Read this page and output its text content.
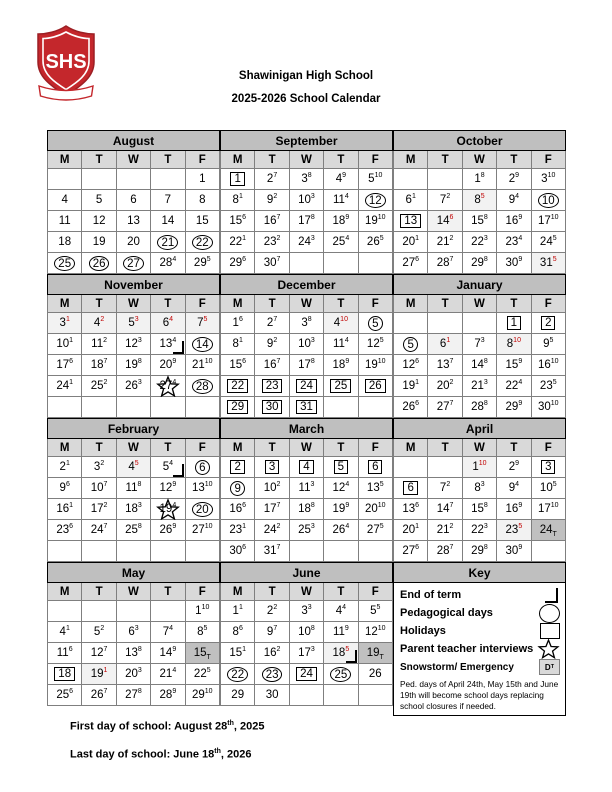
SHS
Shawinigan High School
2025-2026 School Calendar
August				
M	T	W	T	F
				1
4	5	6	7	8
11	12	13	14	15
18	19	20	21	22
25	26	27	$28^4$	$29^5$
September				
M	T	W	T	F
1	$2^7$	$3^8$	$4^9$	$5^{10}$
$8^1$	$9^2$	$10^3$	$11^4$	12
$15^6$	$16^7$	$17^8$	$18^9$	$19^{10}$
$22^1$	$23^2$	$24^3$	$25^4$	$26^5$
$29^6$	$30^7$			
October				
M	T	W	T	F
		$1^8$	$2^9$	$3^{10}$
$6^1$	$7^2$	$8^5$	$9^4$	10
13	$14^6$	$15^8$	$16^9$	$17^{10}$
$20^1$	$21^2$	$22^3$	$23^4$	$24^5$
$27^6$	$28^7$	$29^8$	$30^9$	$31^5$
November				
M	T	W	T	F
$3^1$	$4^2$	$5^3$	$6^4$	$7^5$
$10^1$	$11^2$	$12^3$	$13^4$	14
$17^6$	$18^7$	$19^8$	$20^9$	$21^{10}$
$24^1$	$25^2$	$26^3$	$27^4$	28

December				
M	T	W	T	F
$1^6$	$2^7$	$3^8$	$4^{10}$	5
$8^1$	$9^2$	$10^3$	$11^4$	$12^5$
$15^6$	$16^7$	$17^8$	$18^9$	$19^{10}$
22	23	24	25	26
29	30	31		
January				
M	T	W	T	F
			1	2
5	$6^1$	$7^3$	$8^{10}$	$9^5$
$12^6$	$13^7$	$14^8$	$15^9$	$16^{10}$
$19^1$	$20^2$	$21^3$	$22^4$	$23^5$
$26^6$	$27^7$	$28^8$	$29^9$	$30^{10}$
February				
M	T	W	T	F
$2^1$	$3^2$	$4^5$	$5^4$	6
$9^6$	$10^7$	$11^8$	$12^9$	$13^{10}$
$16^1$	$17^2$	$18^3$	$19^4$	20
$23^6$	$24^7$	$25^8$	$26^9$	$27^{10}$

March				
M	T	W	T	F
2	3	4	5	6
9	$10^2$	$11^3$	$12^4$	$13^5$
$16^6$	$17^7$	$18^8$	$19^9$	$20^{10}$
$23^1$	$24^2$	$25^3$	$26^4$	$27^5$
$30^6$	$31^7$			
April				
M	T	W	T	F
		$1^{10}$	$2^9$	3
6	$7^2$	$8^3$	$9^4$	$10^5$
$13^6$	$14^7$	$15^8$	$16^9$	$17^{10}$
$20^1$	$21^2$	$22^3$	$23^5$	$24_T$
$27^6$	$28^7$	$29^8$	$30^9$	
May				
M	T	W	T	F
				$1^{10}$
$4^1$	$5^2$	$6^3$	$7^4$	$8^5$
$11^6$	$12^7$	$13^8$	$14^9$	$15_T$
18	$19^1$	$20^3$	$21^4$	$22^5$
$25^6$	$26^7$	$27^8$	$28^9$	$29^{10}$
June				
M	T	W	T	F
$1^1$	$2^2$	$3^3$	$4^4$	$5^5$
$8^6$	$9^7$	$10^8$	$11^9$	$12^{10}$
$15^1$	$16^2$	$17^3$	$18^5$	$19_T$
22	23	24	25	26
29	30			
Key
End of term
Pedagogical days
Holidays
Parent teacher interviews
Snowstorm/ Emergency	D T
Ped. days of April 24th, May 15th and June 19th will become school days replacing school closures if needed.
First day of school: August 28th, 2025
Last day of school: June 18th, 2026
